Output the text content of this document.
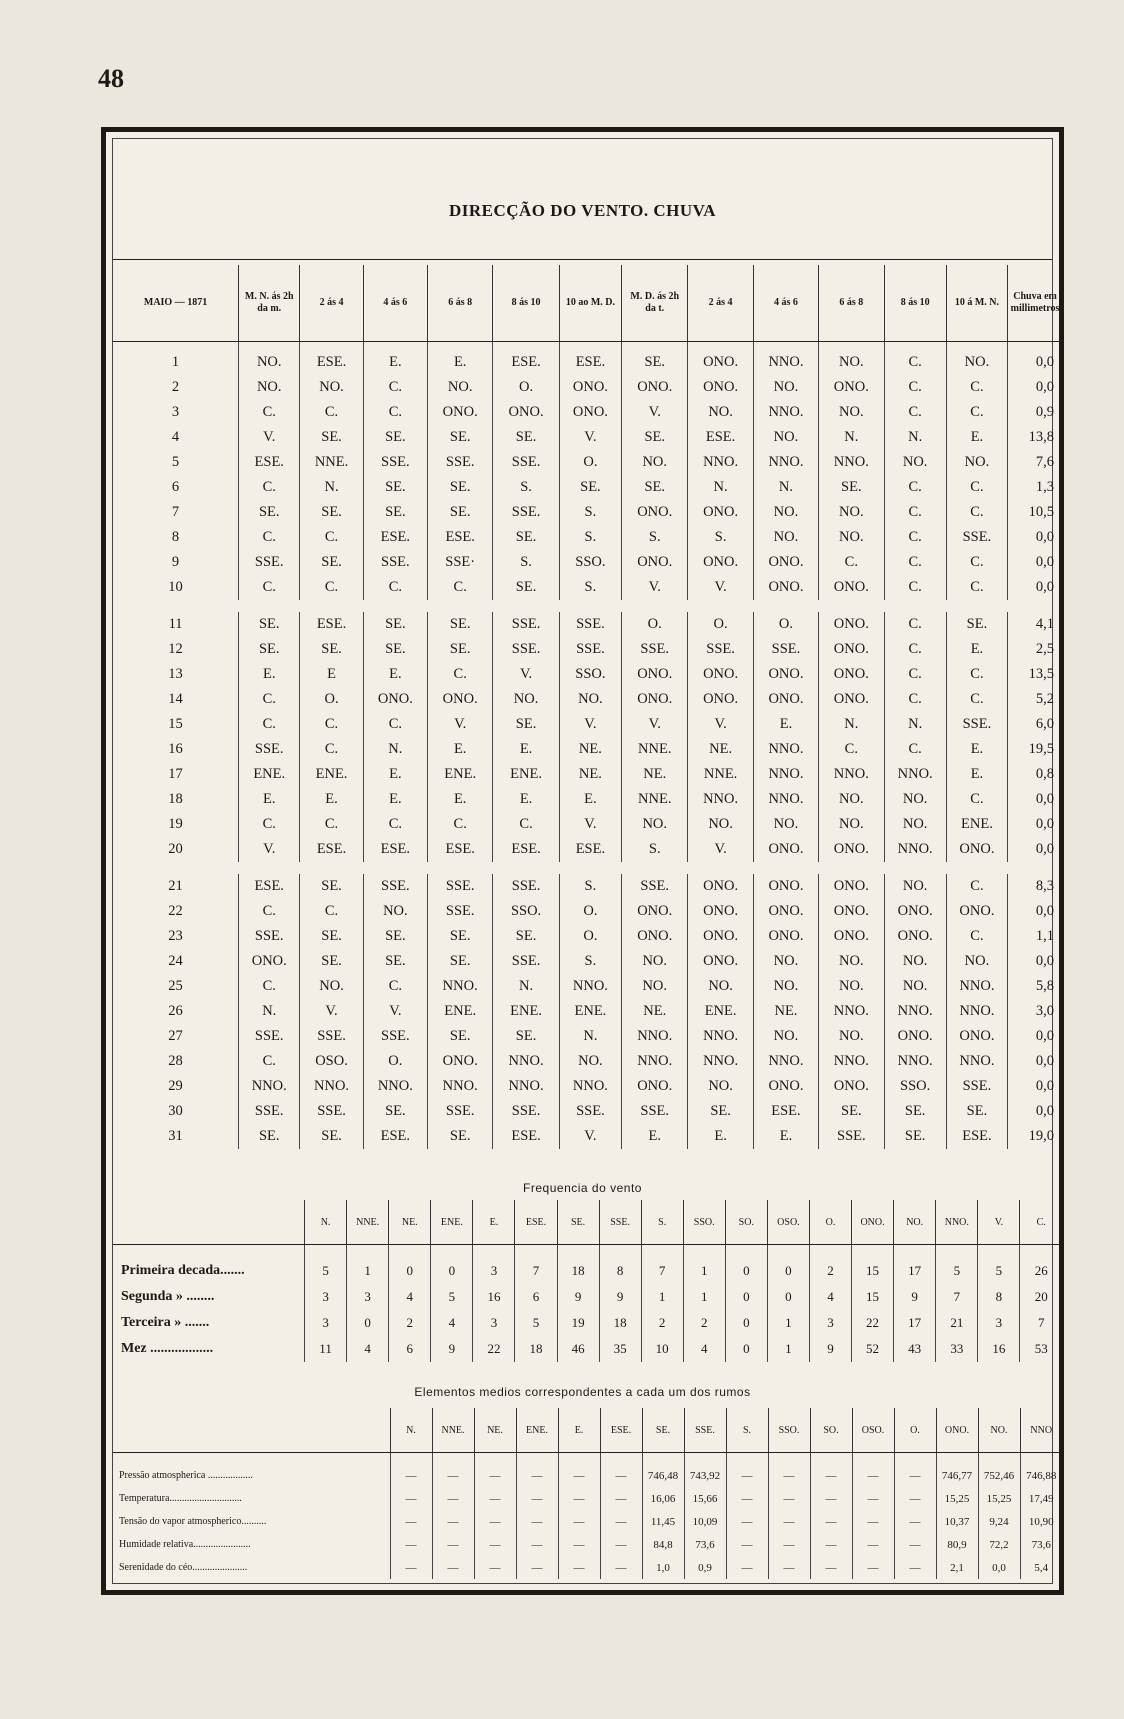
48
DIRECÇÃO DO VENTO. CHUVA
MAIO — 1871	M. N. ás 2h da m.	2 ás 4	4 ás 6	6 ás 8	8 ás 10	10 ao M. D.	M. D. ás 2h da t.	2 ás 4	4 ás 6	6 ás 8	8 ás 10	10 á M. N.	Chuva em millimetros
1	NO.	ESE.	E.	E.	ESE.	ESE.	SE.	ONO.	NNO.	NO.	C.	NO.	0,0
2	NO.	NO.	C.	NO.	O.	ONO.	ONO.	ONO.	NO.	ONO.	C.	C.	0,0
3	C.	C.	C.	ONO.	ONO.	ONO.	V.	NO.	NNO.	NO.	C.	C.	0,9
4	V.	SE.	SE.	SE.	SE.	V.	SE.	ESE.	NO.	N.	N.	E.	13,8
5	ESE.	NNE.	SSE.	SSE.	SSE.	O.	NO.	NNO.	NNO.	NNO.	NO.	NO.	7,6
6	C.	N.	SE.	SE.	S.	SE.	SE.	N.	N.	SE.	C.	C.	1,3
7	SE.	SE.	SE.	SE.	SSE.	S.	ONO.	ONO.	NO.	NO.	C.	C.	10,5
8	C.	C.	ESE.	ESE.	SE.	S.	S.	S.	NO.	NO.	C.	SSE.	0,0
9	SSE.	SE.	SSE.	SSE·	S.	SSO.	ONO.	ONO.	ONO.	C.	C.	C.	0,0
10	C.	C.	C.	C.	SE.	S.	V.	V.	ONO.	ONO.	C.	C.	0,0

11	SE.	ESE.	SE.	SE.	SSE.	SSE.	O.	O.	O.	ONO.	C.	SE.	4,1
12	SE.	SE.	SE.	SE.	SSE.	SSE.	SSE.	SSE.	SSE.	ONO.	C.	E.	2,5
13	E.	E	E.	C.	V.	SSO.	ONO.	ONO.	ONO.	ONO.	C.	C.	13,5
14	C.	O.	ONO.	ONO.	NO.	NO.	ONO.	ONO.	ONO.	ONO.	C.	C.	5,2
15	C.	C.	C.	V.	SE.	V.	V.	V.	E.	N.	N.	SSE.	6,0
16	SSE.	C.	N.	E.	E.	NE.	NNE.	NE.	NNO.	C.	C.	E.	19,5
17	ENE.	ENE.	E.	ENE.	ENE.	NE.	NE.	NNE.	NNO.	NNO.	NNO.	E.	0,8
18	E.	E.	E.	E.	E.	E.	NNE.	NNO.	NNO.	NO.	NO.	C.	0,0
19	C.	C.	C.	C.	C.	V.	NO.	NO.	NO.	NO.	NO.	ENE.	0,0
20	V.	ESE.	ESE.	ESE.	ESE.	ESE.	S.	V.	ONO.	ONO.	NNO.	ONO.	0,0

21	ESE.	SE.	SSE.	SSE.	SSE.	S.	SSE.	ONO.	ONO.	ONO.	NO.	C.	8,3
22	C.	C.	NO.	SSE.	SSO.	O.	ONO.	ONO.	ONO.	ONO.	ONO.	ONO.	0,0
23	SSE.	SE.	SE.	SE.	SE.	O.	ONO.	ONO.	ONO.	ONO.	ONO.	C.	1,1
24	ONO.	SE.	SE.	SE.	SSE.	S.	NO.	ONO.	NO.	NO.	NO.	NO.	0,0
25	C.	NO.	C.	NNO.	N.	NNO.	NO.	NO.	NO.	NO.	NO.	NNO.	5,8
26	N.	V.	V.	ENE.	ENE.	ENE.	NE.	ENE.	NE.	NNO.	NNO.	NNO.	3,0
27	SSE.	SSE.	SSE.	SE.	SE.	N.	NNO.	NNO.	NO.	NO.	ONO.	ONO.	0,0
28	C.	OSO.	O.	ONO.	NNO.	NO.	NNO.	NNO.	NNO.	NNO.	NNO.	NNO.	0,0
29	NNO.	NNO.	NNO.	NNO.	NNO.	NNO.	ONO.	NO.	ONO.	ONO.	SSO.	SSE.	0,0
30	SSE.	SSE.	SE.	SSE.	SSE.	SSE.	SSE.	SE.	ESE.	SE.	SE.	SE.	0,0
31	SE.	SE.	ESE.	SE.	ESE.	V.	E.	E.	E.	SSE.	SE.	ESE.	19,0
Frequencia do vento
	N.	NNE.	NE.	ENE.	E.	ESE.	SE.	SSE.	S.	SSO.	SO.	OSO.	O.	ONO.	NO.	NNO.	V.	C.
Primeira decada.......	5	1	0	0	3	7	18	8	7	1	0	0	2	15	17	5	5	26
Segunda » ........	3	3	4	5	16	6	9	9	1	1	0	0	4	15	9	7	8	20
Terceira » .......	3	0	2	4	3	5	19	18	2	2	0	1	3	22	17	21	3	7
Mez ..................	11	4	6	9	22	18	46	35	10	4	0	1	9	52	43	33	16	53
Elementos medios correspondentes a cada um dos rumos
	N.	NNE.	NE.	ENE.	E.	ESE.	SE.	SSE.	S.	SSO.	SO.	OSO.	O.	ONO.	NO.	NNO
Pressão atmospherica ..................	—	—	—	—	—	—	746,48	743,92	—	—	—	—	—	746,77	752,46	746,88
Temperatura.............................	—	—	—	—	—	—	16,06	15,66	—	—	—	—	—	15,25	15,25	17,49
Tensão do vapor atmospherico..........	—	—	—	—	—	—	11,45	10,09	—	—	—	—	—	10,37	9,24	10,90
Humidade relativa.......................	—	—	—	—	—	—	84,8	73,6	—	—	—	—	—	80,9	72,2	73,6
Serenidade do céo......................	—	—	—	—	—	—	1,0	0,9	—	—	—	—	—	2,1	0,0	5,4
